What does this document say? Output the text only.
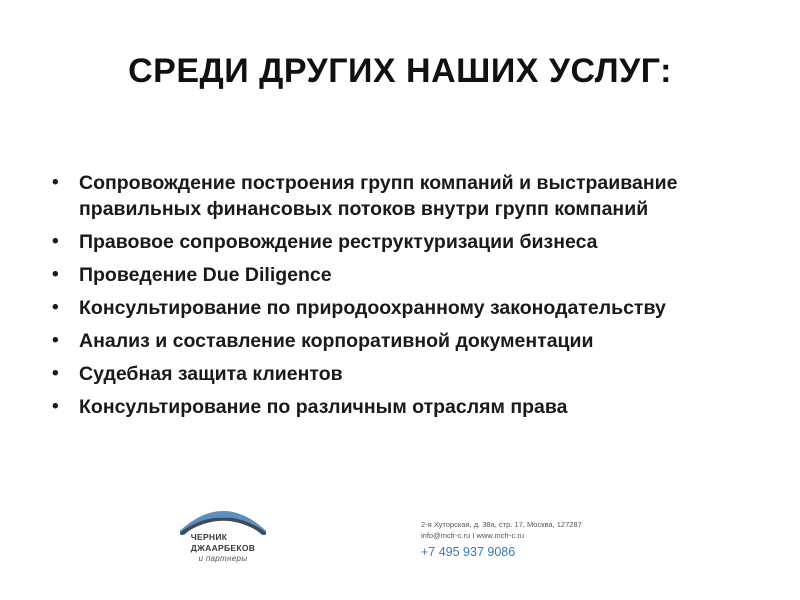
СРЕДИ ДРУГИХ НАШИХ УСЛУГ:
• Сопровождение построения групп компаний и выстраивание правильных финансовых потоков внутри групп компаний
• Правовое сопровождение реструктуризации бизнеса
• Проведение Due Diligence
• Консультирование по природоохранному законодательству
• Анализ и составление корпоративной документации
• Судебная защита клиентов
• Консультирование по различным отраслям права
ЧЕРНИК
ДЖААРБЕКОВ
и партнеры
2-я Хуторская, д. 38а, стр. 17, Москва, 127287
info@mcfr-c.ru I www.mcfr-c.ru
+7 495 937 9086
